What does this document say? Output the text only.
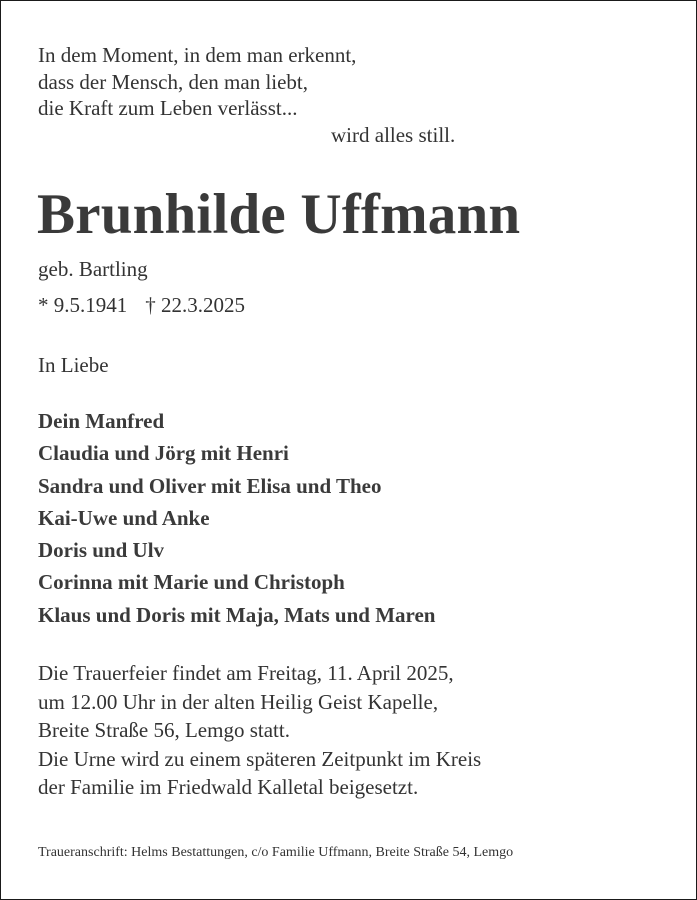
In dem Moment, in dem man erkennt,
dass der Mensch, den man liebt,
die Kraft zum Leben verlässt...
wird alles still.
Brunhilde Uffmann
geb. Bartling
* 9.5.1941 † 22.3.2025
In Liebe
Dein Manfred
Claudia und Jörg mit Henri
Sandra und Oliver mit Elisa und Theo
Kai-Uwe und Anke
Doris und Ulv
Corinna mit Marie und Christoph
Klaus und Doris mit Maja, Mats und Maren
Die Trauerfeier findet am Freitag, 11. April 2025,
um 12.00 Uhr in der alten Heilig Geist Kapelle,
Breite Straße 56, Lemgo statt.
Die Urne wird zu einem späteren Zeitpunkt im Kreis
der Familie im Friedwald Kalletal beigesetzt.
Traueranschrift: Helms Bestattungen, c/o Familie Uffmann, Breite Straße 54, Lemgo
